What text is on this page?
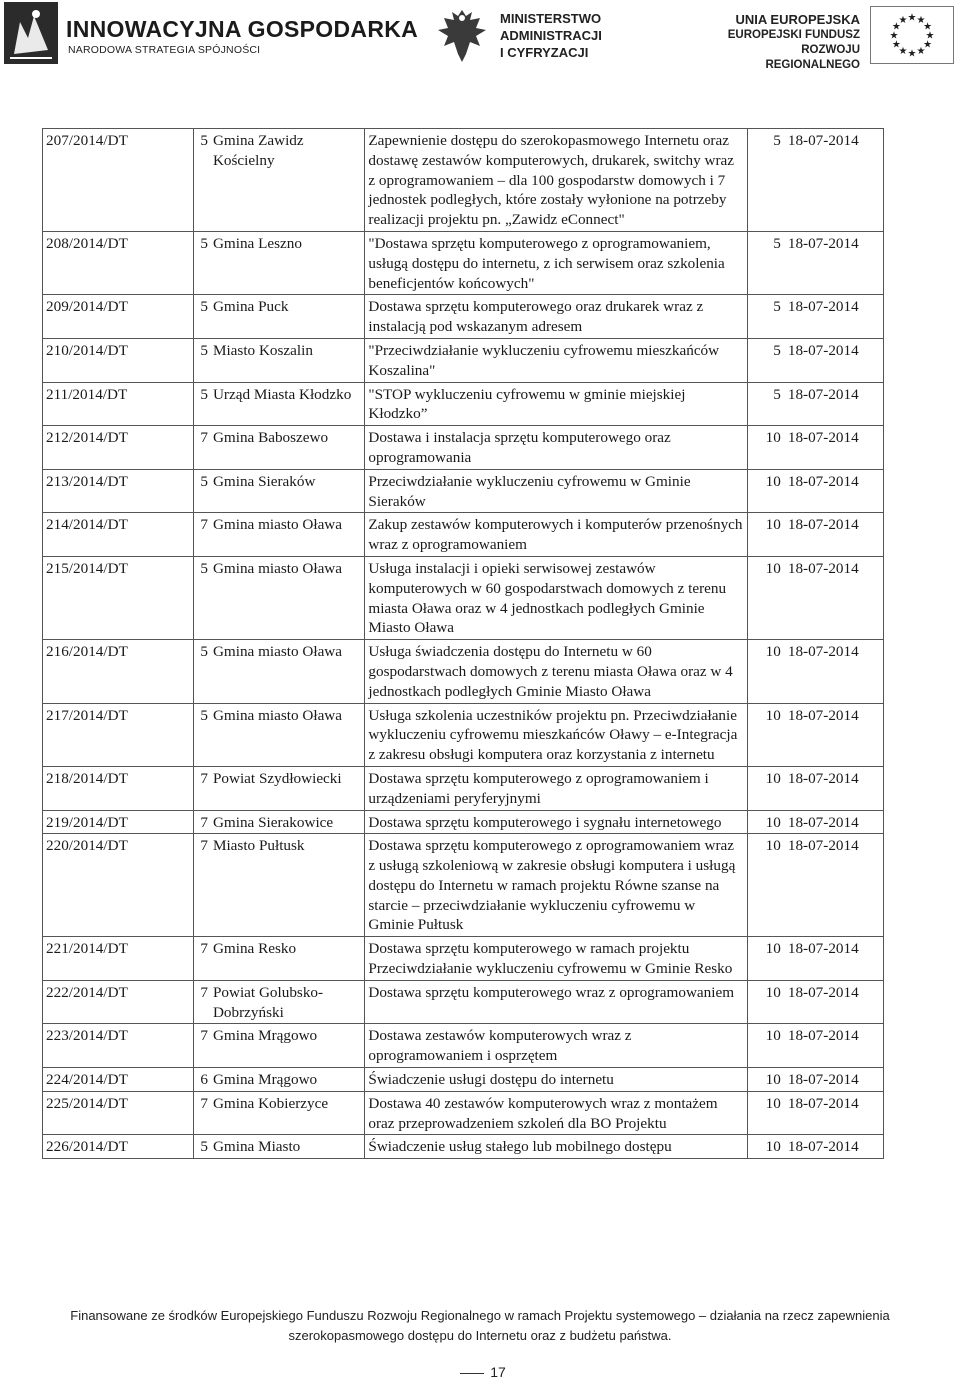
INNOWACYJNA GOSPODARKA
NARODOWA STRATEGIA SPÓJNOŚCI
MINISTERSTWO
ADMINISTRACJI
I CYFRYZACJI
UNIA EUROPEJSKA
EUROPEJSKI FUNDUSZ
ROZWOJU REGIONALNEGO
★ ★
★
★
★
★
★
★
★
★
★
★
207/2014/DT	5	Gmina Zawidz Kościelny	Zapewnienie dostępu do szerokopasmowego Internetu oraz dostawę zestawów komputerowych, drukarek, switchy wraz z oprogramowaniem – dla 100 gospodarstw domowych i 7 jednostek podległych, które zostały wyłonione na potrzeby realizacji projektu pn. „Zawidz eConnect"	5	18-07-2014
208/2014/DT	5	Gmina Leszno	"Dostawa sprzętu komputerowego z oprogramowaniem, usługą dostępu do internetu, z ich serwisem oraz szkolenia beneficjentów końcowych"	5	18-07-2014
209/2014/DT	5	Gmina Puck	Dostawa sprzętu komputerowego oraz drukarek wraz z instalacją pod wskazanym adresem	5	18-07-2014
210/2014/DT	5	Miasto Koszalin	"Przeciwdziałanie wykluczeniu cyfrowemu mieszkańców Koszalina"	5	18-07-2014
211/2014/DT	5	Urząd Miasta Kłodzko	"STOP wykluczeniu cyfrowemu w gminie miejskiej Kłodzko”	5	18-07-2014
212/2014/DT	7	Gmina Baboszewo	Dostawa i instalacja sprzętu komputerowego oraz oprogramowania	10	18-07-2014
213/2014/DT	5	Gmina Sieraków	Przeciwdziałanie wykluczeniu cyfrowemu w Gminie Sieraków	10	18-07-2014
214/2014/DT	7	Gmina miasto Oława	Zakup zestawów komputerowych i komputerów przenośnych wraz z oprogramowaniem	10	18-07-2014
215/2014/DT	5	Gmina miasto Oława	Usługa instalacji i opieki serwisowej zestawów komputerowych w 60 gospodarstwach domowych z terenu miasta Oława oraz w 4 jednostkach podległych Gminie Miasto Oława	10	18-07-2014
216/2014/DT	5	Gmina miasto Oława	Usługa świadczenia dostępu do Internetu w 60 gospodarstwach domowych z terenu miasta Oława oraz w 4 jednostkach podległych Gminie Miasto Oława	10	18-07-2014
217/2014/DT	5	Gmina miasto Oława	Usługa szkolenia uczestników projektu pn. Przeciwdziałanie wykluczeniu cyfrowemu mieszkańców Oławy – e-Integracja z zakresu obsługi komputera oraz korzystania z internetu	10	18-07-2014
218/2014/DT	7	Powiat Szydłowiecki	Dostawa sprzętu komputerowego z oprogramowaniem i urządzeniami peryferyjnymi	10	18-07-2014
219/2014/DT	7	Gmina Sierakowice	Dostawa sprzętu komputerowego i sygnału internetowego	10	18-07-2014
220/2014/DT	7	Miasto Pułtusk	Dostawa sprzętu komputerowego z oprogramowaniem wraz z usługą szkoleniową w zakresie obsługi komputera i usługą dostępu do Internetu w ramach projektu Równe szanse na starcie – przeciwdziałanie wykluczeniu cyfrowemu w Gminie Pułtusk	10	18-07-2014
221/2014/DT	7	Gmina Resko	Dostawa sprzętu komputerowego w ramach projektu Przeciwdziałanie wykluczeniu cyfrowemu w Gminie Resko	10	18-07-2014
222/2014/DT	7	Powiat Golubsko-Dobrzyński	Dostawa sprzętu komputerowego wraz z oprogramowaniem	10	18-07-2014
223/2014/DT	7	Gmina Mrągowo	Dostawa zestawów komputerowych wraz z oprogramowaniem i osprzętem	10	18-07-2014
224/2014/DT	6	Gmina Mrągowo	Świadczenie usługi dostępu do internetu	10	18-07-2014
225/2014/DT	7	Gmina Kobierzyce	Dostawa 40 zestawów komputerowych wraz z montażem oraz przeprowadzeniem szkoleń dla BO Projektu	10	18-07-2014
226/2014/DT	5	Gmina Miasto	Świadczenie usług stałego lub mobilnego dostępu	10	18-07-2014
Finansowane ze środków Europejskiego Funduszu Rozwoju Regionalnego w ramach Projektu systemowego – działania na rzecz zapewnienia
szerokopasmowego dostępu do Internetu oraz z budżetu państwa.
17
